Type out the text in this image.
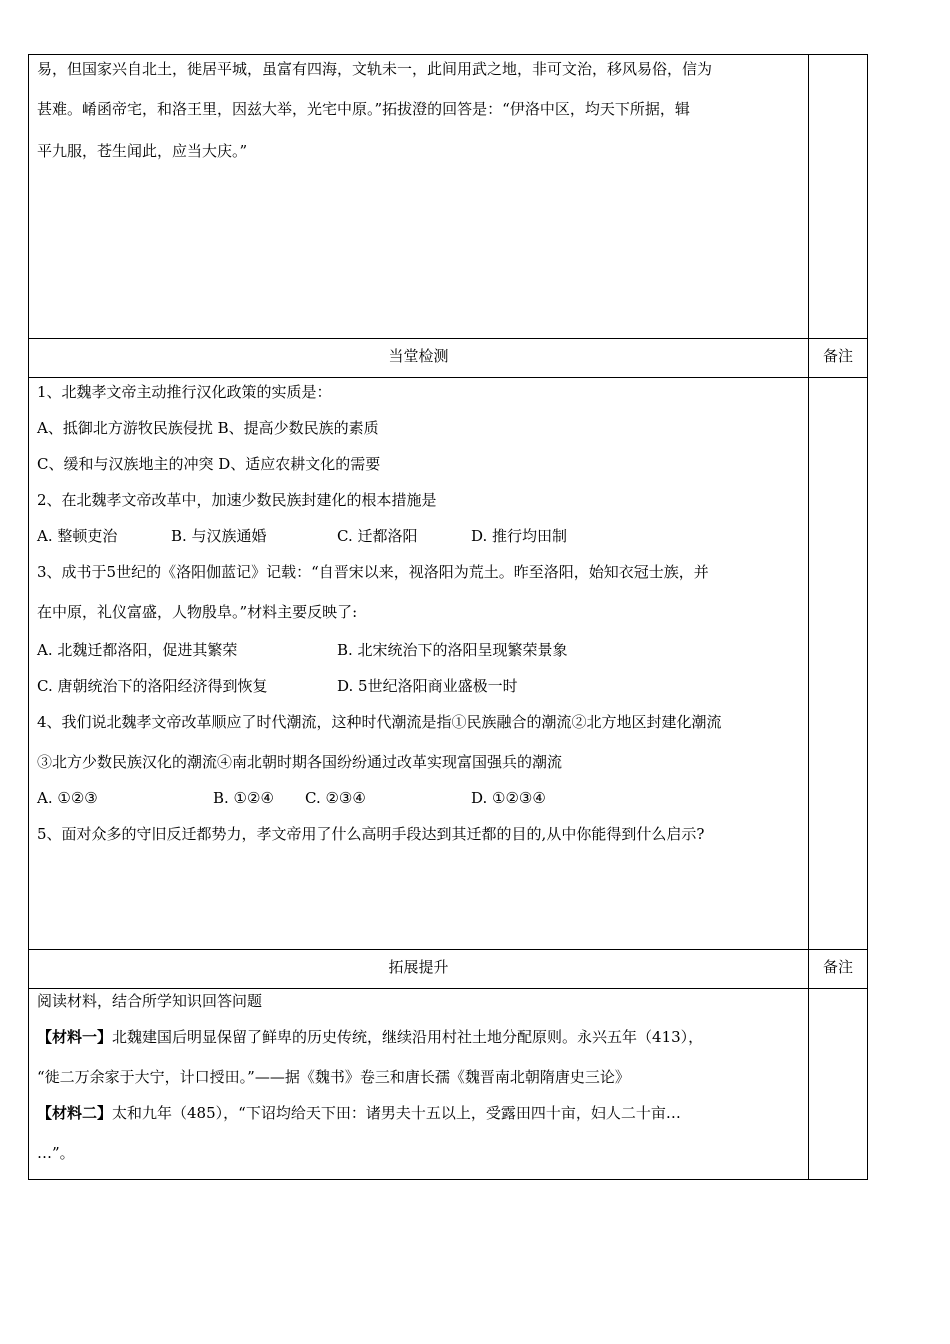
易，但国家兴自北土，徙居平城，虽富有四海，文轨未一，此间用武之地，非可文治，移风易俗，信为
甚难。崤函帝宅，和洛王里，因兹大举，光宅中原。”拓拔澄的回答是：“伊洛中区，均天下所据，辑
平九服，苍生闻此，应当大庆。”
当堂检测	备注
1、北魏孝文帝主动推行汉化政策的实质是：
A、抵御北方游牧民族侵扰 B、提高少数民族的素质
C、缓和与汉族地主的冲突 D、适应农耕文化的需要
2、在北魏孝文帝改革中，加速少数民族封建化的根本措施是
A. 整顿吏治	B. 与汉族通婚	C. 迁都洛阳	D. 推行均田制
3、成书于5世纪的《洛阳伽蓝记》记载：“自晋宋以来，视洛阳为荒土。昨至洛阳，始知衣冠士族，并
在中原，礼仪富盛，人物殷阜。”材料主要反映了:
A. 北魏迁都洛阳，促进其繁荣	B. 北宋统治下的洛阳呈现繁荣景象
C. 唐朝统治下的洛阳经济得到恢复	D. 5世纪洛阳商业盛极一时
4、我们说北魏孝文帝改革顺应了时代潮流，这种时代潮流是指①民族融合的潮流②北方地区封建化潮流
③北方少数民族汉化的潮流④南北朝时期各国纷纷通过改革实现富国强兵的潮流
A. ①②③	B. ①②④ C. ②③④	D. ①②③④
5、面对众多的守旧反迁都势力，孝文帝用了什么高明手段达到其迁都的目的,从中你能得到什么启示?
拓展提升	备注
阅读材料，结合所学知识回答问题
【材料一】北魏建国后明显保留了鲜卑的历史传统，继续沿用村社土地分配原则。永兴五年（413），
“徙二万余家于大宁，计口授田。”——据《魏书》卷三和唐长孺《魏晋南北朝隋唐史三论》
【材料二】太和九年（485），“下诏均给天下田：诸男夫十五以上，受露田四十亩，妇人二十亩…
…”。
